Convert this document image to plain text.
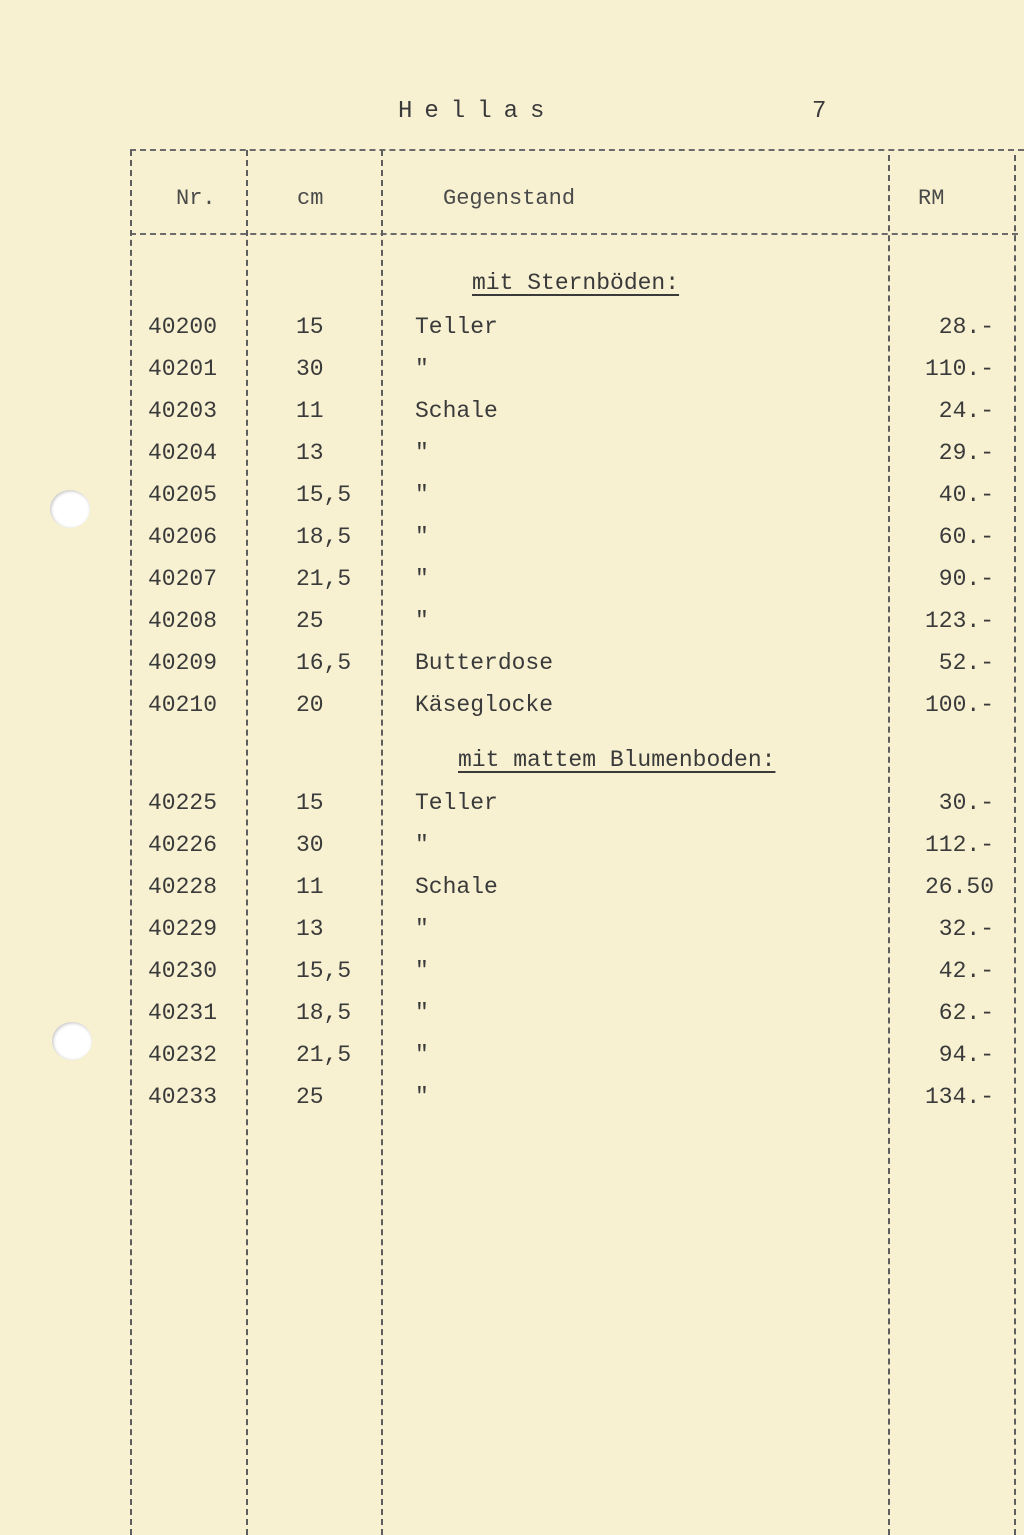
Hellas	7
Nr.	cm	Gegenstand	RM
mit Sternböden:
40200	15	Teller	28.-
40201	30	"	110.-
40203	11	Schale	24.-
40204	13	"	29.-
40205	15,5	"	40.-
40206	18,5	"	60.-
40207	21,5	"	90.-
40208	25	"	123.-
40209	16,5	Butterdose	52.-
40210	20	Käseglocke	100.-
mit mattem Blumenboden:
40225	15	Teller	30.-
40226	30	"	112.-
40228	11	Schale	26.50
40229	13	"	32.-
40230	15,5	"	42.-
40231	18,5	"	62.-
40232	21,5	"	94.-
40233	25	"	134.-
